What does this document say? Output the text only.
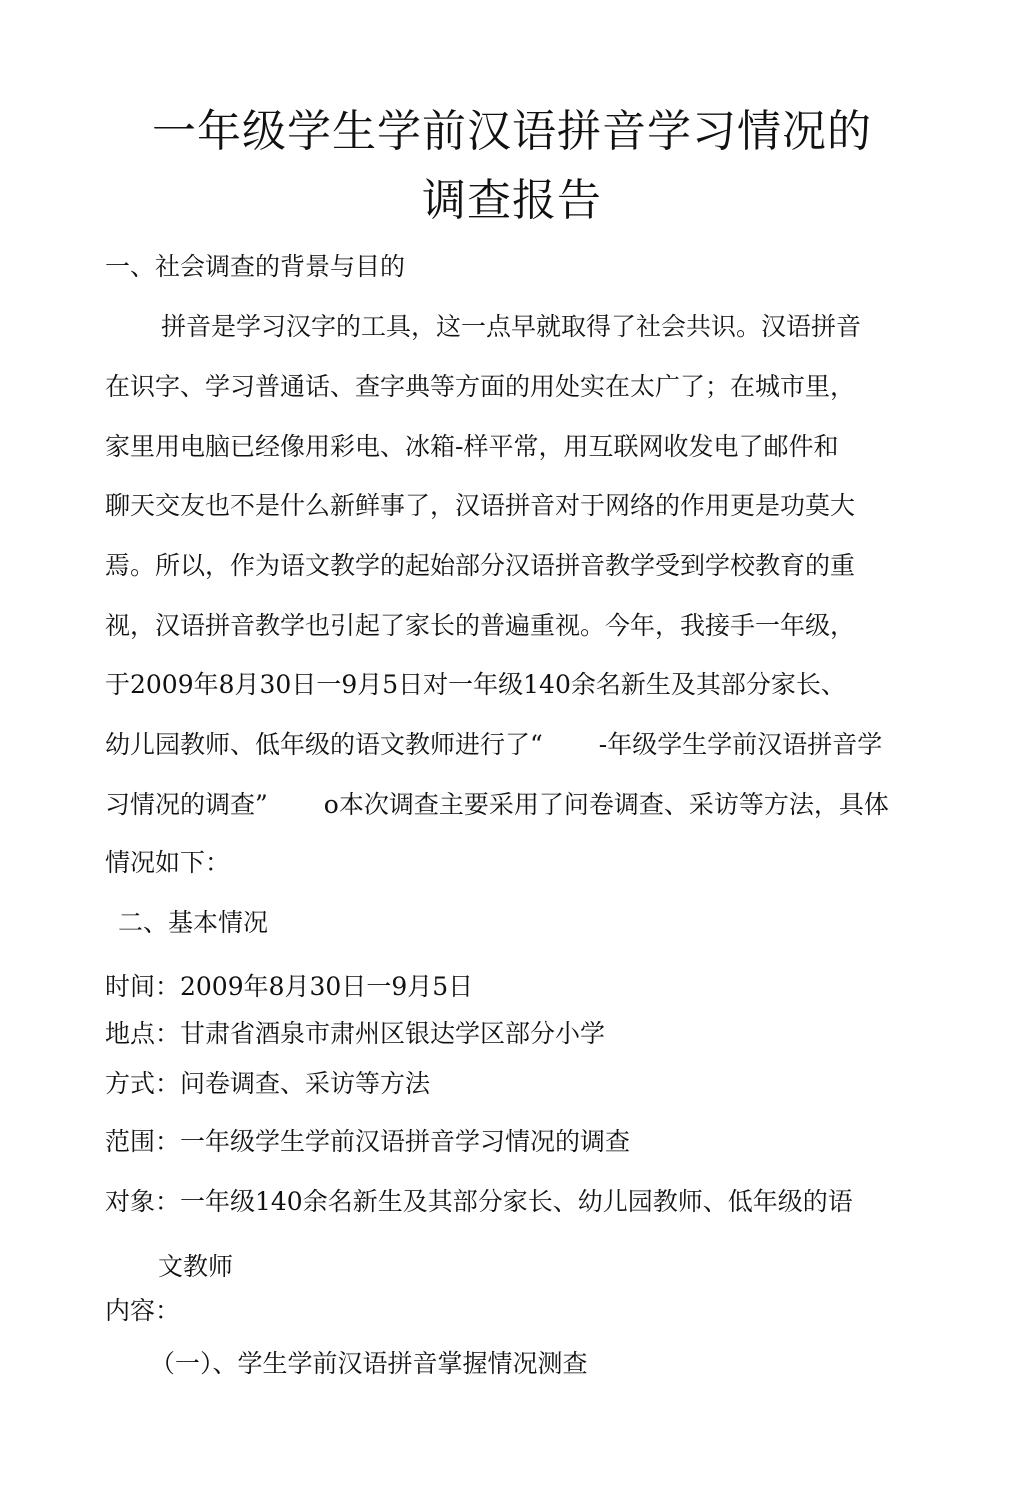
一年级学生学前汉语拼音学习情况的
调查报告
一、社会调查的背景与目的
拼音是学习汉字的工具，这一点早就取得了社会共识。汉语拼音
在识字、学习普通话、查字典等方面的用处实在太广了；在城市里，
家里用电脑已经像用彩电、冰箱-样平常，用互联网收发电了邮件和
聊天交友也不是什么新鲜事了，汉语拼音对于网络的作用更是功莫大
焉。所以，作为语文教学的起始部分汉语拼音教学受到学校教育的重
视，汉语拼音教学也引起了家长的普遍重视。今年，我接手一年级，
于2009年8月30日一9月5日对一年级140余名新生及其部分家长、
幼儿园教师、低年级的语文教师进行了“ -年级学生学前汉语拼音学
习情况的调查” o本次调查主要采用了问卷调查、采访等方法，具体
情况如下：
二、基本情况
时间：2009年8月30日一9月5日
地点：甘肃省酒泉市肃州区银达学区部分小学
方式：问卷调查、采访等方法
范围：一年级学生学前汉语拼音学习情况的调查
对象：一年级140余名新生及其部分家长、幼儿园教师、低年级的语
文教师
内容：
（一）、学生学前汉语拼音掌握情况测查
